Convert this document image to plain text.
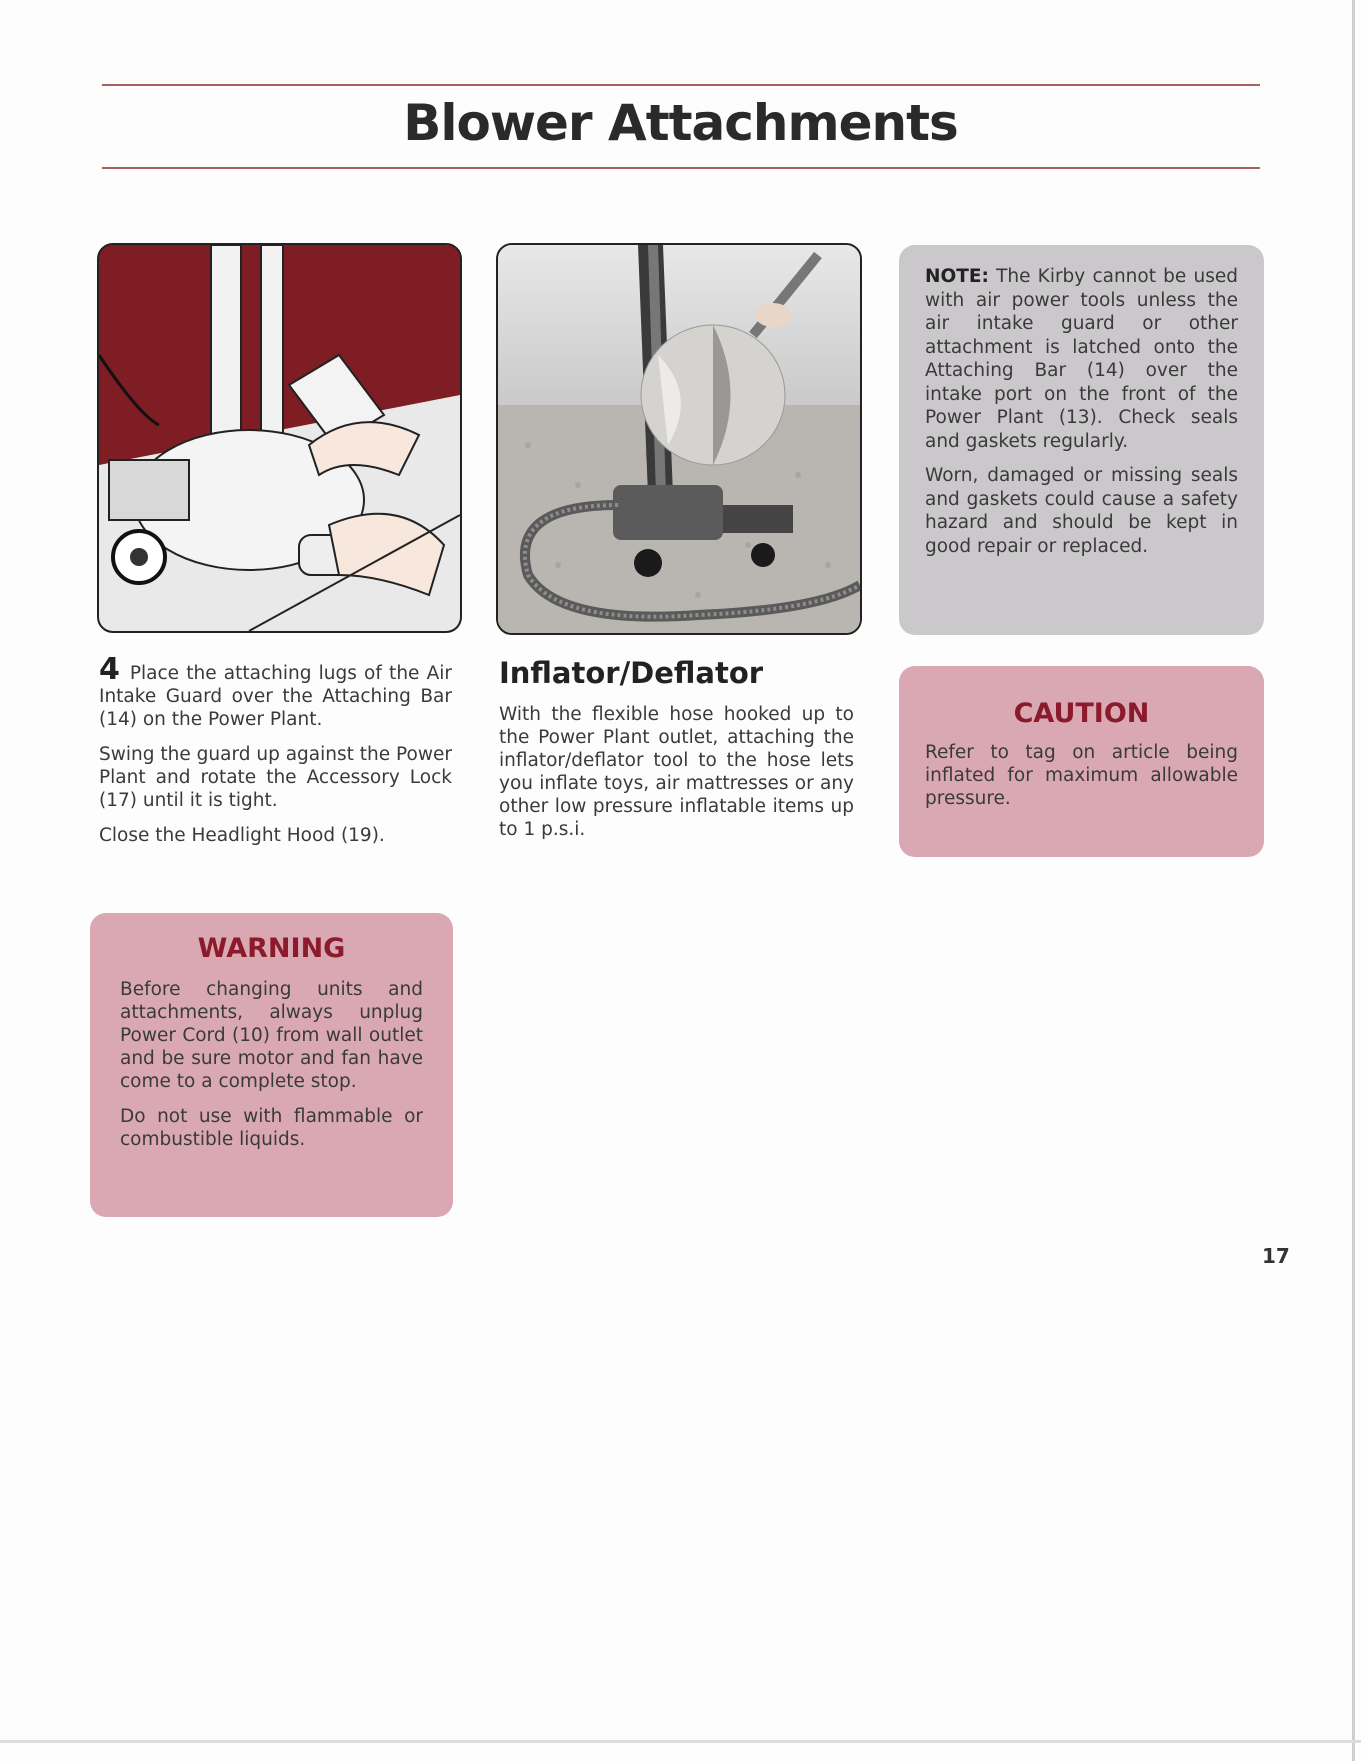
Blower Attachments

4 Place the attaching lugs of the Air Intake Guard over the Attaching Bar (14) on the Power Plant.

Swing the guard up against the Power Plant and rotate the Accessory Lock (17) until it is tight.

Close the Headlight Hood (19).

WARNING

Before changing units and attachments, always unplug Power Cord (10) from wall outlet and be sure motor and fan have come to a complete stop.

Do not use with flammable or combustible liquids.

Inflator/Deflator

With the flexible hose hooked up to the Power Plant outlet, attaching the inflator/deflator tool to the hose lets you inflate toys, air mattresses or any other low pressure inflatable items up to 1 p.s.i.

NOTE: The Kirby cannot be used with air power tools unless the air intake guard or other attachment is latched onto the Attaching Bar (14) over the intake port on the front of the Power Plant (13). Check seals and gaskets regularly.

Worn, damaged or missing seals and gaskets could cause a safety hazard and should be kept in good repair or replaced.

CAUTION

Refer to tag on article being inflated for maximum allowable pressure.

17
